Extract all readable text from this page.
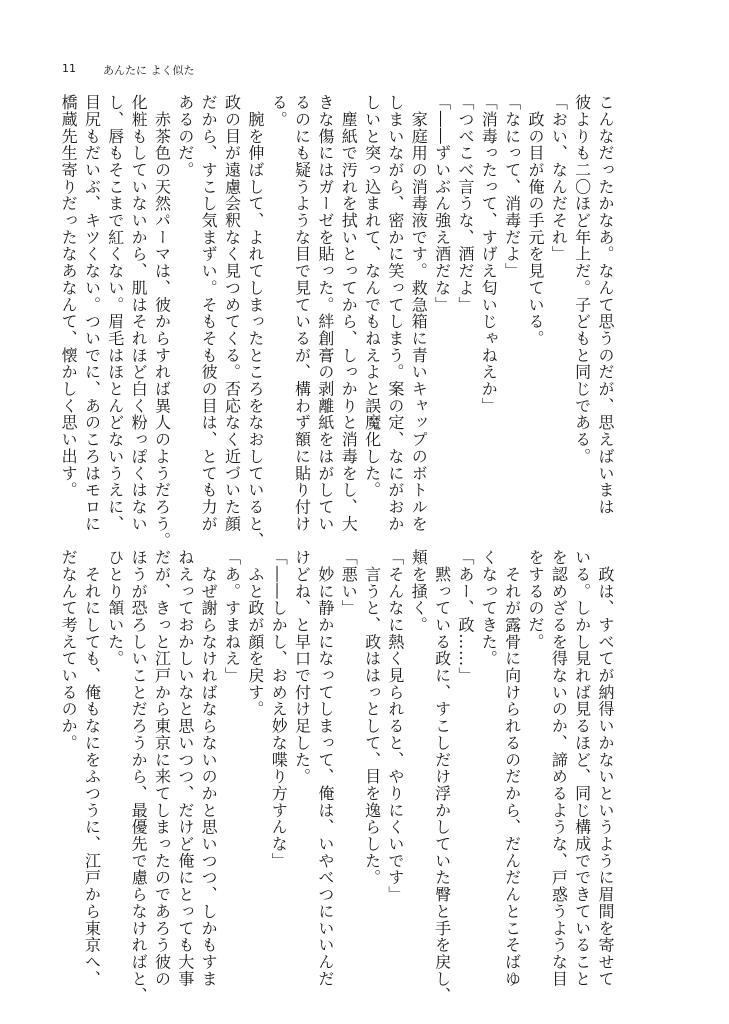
11 あんたに よく似た
こんなだったかなあ。なんて思うのだが、思えばいまは
彼よりも二〇ほど年上だ。子どもと同じである。
「おい、なんだそれ」
　政の目が俺の手元を見ている。
「なにって、消毒だよ」
「消毒ったって、すげえ匂いじゃねえか」
「つべこべ言うな、酒だよ」
「――ずいぶん強え酒だな」
　家庭用の消毒液です。救急箱に青いキャップのボトルを
しまいながら、密かに笑ってしまう。案の定、なにがおか
しいと突っ込まれて、なんでもねえよと誤魔化した。
　塵紙で汚れを拭いとってから、しっかりと消毒をし、大
きな傷にはガーゼを貼った。絆創膏の剥離紙をはがしてい
るのにも疑うような目で見ているが、構わず額に貼り付け
る。
　腕を伸ばして、よれてしまったところをなおしていると、
政の目が遠慮会釈なく見つめてくる。否応なく近づいた顔
だから、すこし気まずい。そもそも彼の目は、とても力が
あるのだ。
　赤茶色の天然パーマは、彼からすれば異人のようだろう。
化粧もしていないから、肌はそれほど白く粉っぽくはない
し、唇もそこまで紅くない。眉毛はほとんどないうえに、
目尻もだいぶ、キツくない。ついでに、あのころはモロに
橋蔵先生寄りだったなあなんて、懐かしく思い出す。
　政は、すべてが納得いかないというように眉間を寄せて
いる。しかし見れば見るほど、同じ構成でできていること
を認めざるを得ないのか、諦めるような、戸惑うような目
をするのだ。
　それが露骨に向けられるのだから、だんだんとこそばゆ
くなってきた。
「あー、政……」
　黙っている政に、すこしだけ浮かしていた臀と手を戻し、
頬を掻く。
「そんなに熱く見られると、やりにくいです」
　言うと、政ははっとして、目を逸らした。
「悪い」
　妙に静かになってしまって、俺は、いやべつにいいんだ
けどね、と早口で付け足した。
「――しかし、おめえ妙な喋り方すんな」
　ふと政が顔を戻す。
「あ。すまねえ」
　なぜ謝らなければならないのかと思いつつ、しかもすま
ねえっておかしいなと思いつつ、だけど俺にとっても大事
だが、きっと江戸から東京に来てしまったのであろう彼の
ほうが恐ろしいことだろうから、最優先で慮らなければと、
ひとり頷いた。
　それにしても、俺もなにをふつうに、江戸から東京へ、
だなんて考えているのか。
